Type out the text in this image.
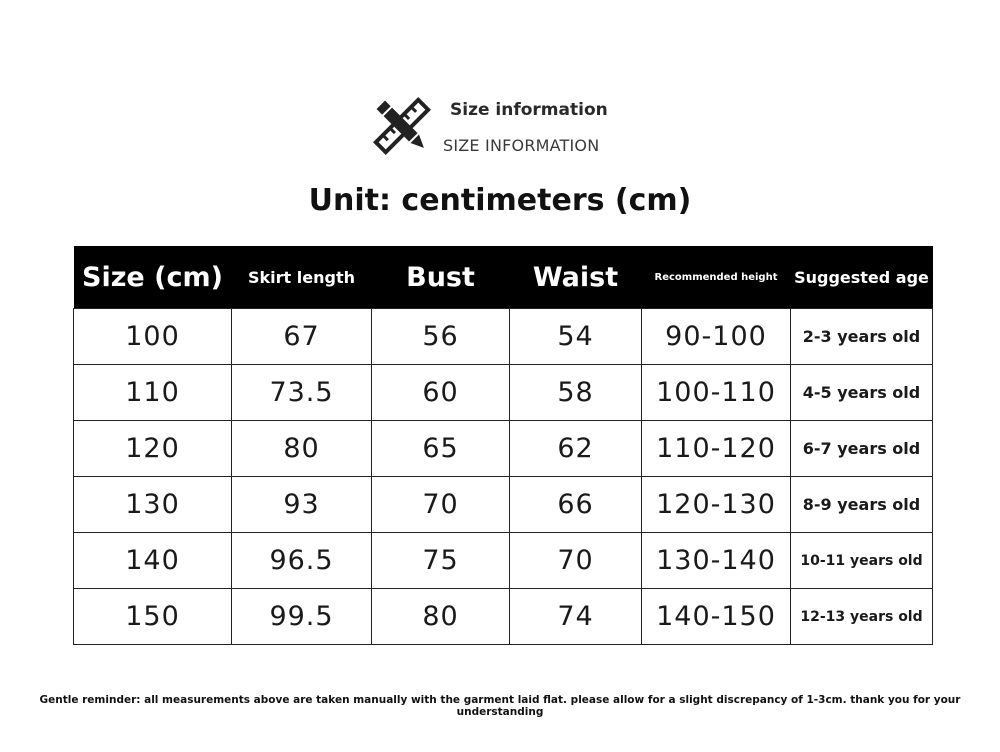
Size information
SIZE INFORMATION
Unit: centimeters (cm)
Size (cm)	Skirt length	Bust	Waist	Recommended height	Suggested age
100	67	56	54	90-100	2-3 years old
110	73.5	60	58	100-110	4-5 years old
120	80	65	62	110-120	6-7 years old
130	93	70	66	120-130	8-9 years old
140	96.5	75	70	130-140	10-11 years old
150	99.5	80	74	140-150	12-13 years old
Gentle reminder: all measurements above are taken manually with the garment laid flat. please allow for a slight discrepancy of 1-3cm. thank you for your understanding
